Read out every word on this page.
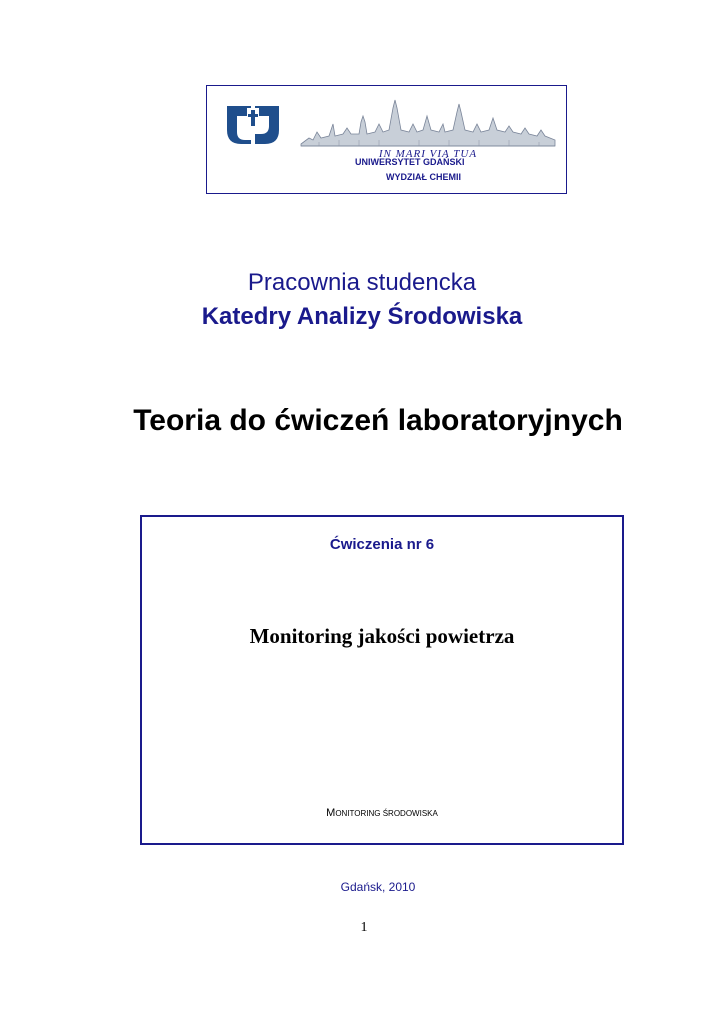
IN MARI VIA TUA
UNIWERSYTET GDAŃSKI
WYDZIAŁ CHEMII
Pracownia studencka
Katedry Analizy Środowiska
Teoria do ćwiczeń laboratoryjnych
Ćwiczenia nr 6
Monitoring jakości powietrza
MONITORING ŚRODOWISKA
Gdańsk, 2010
1
